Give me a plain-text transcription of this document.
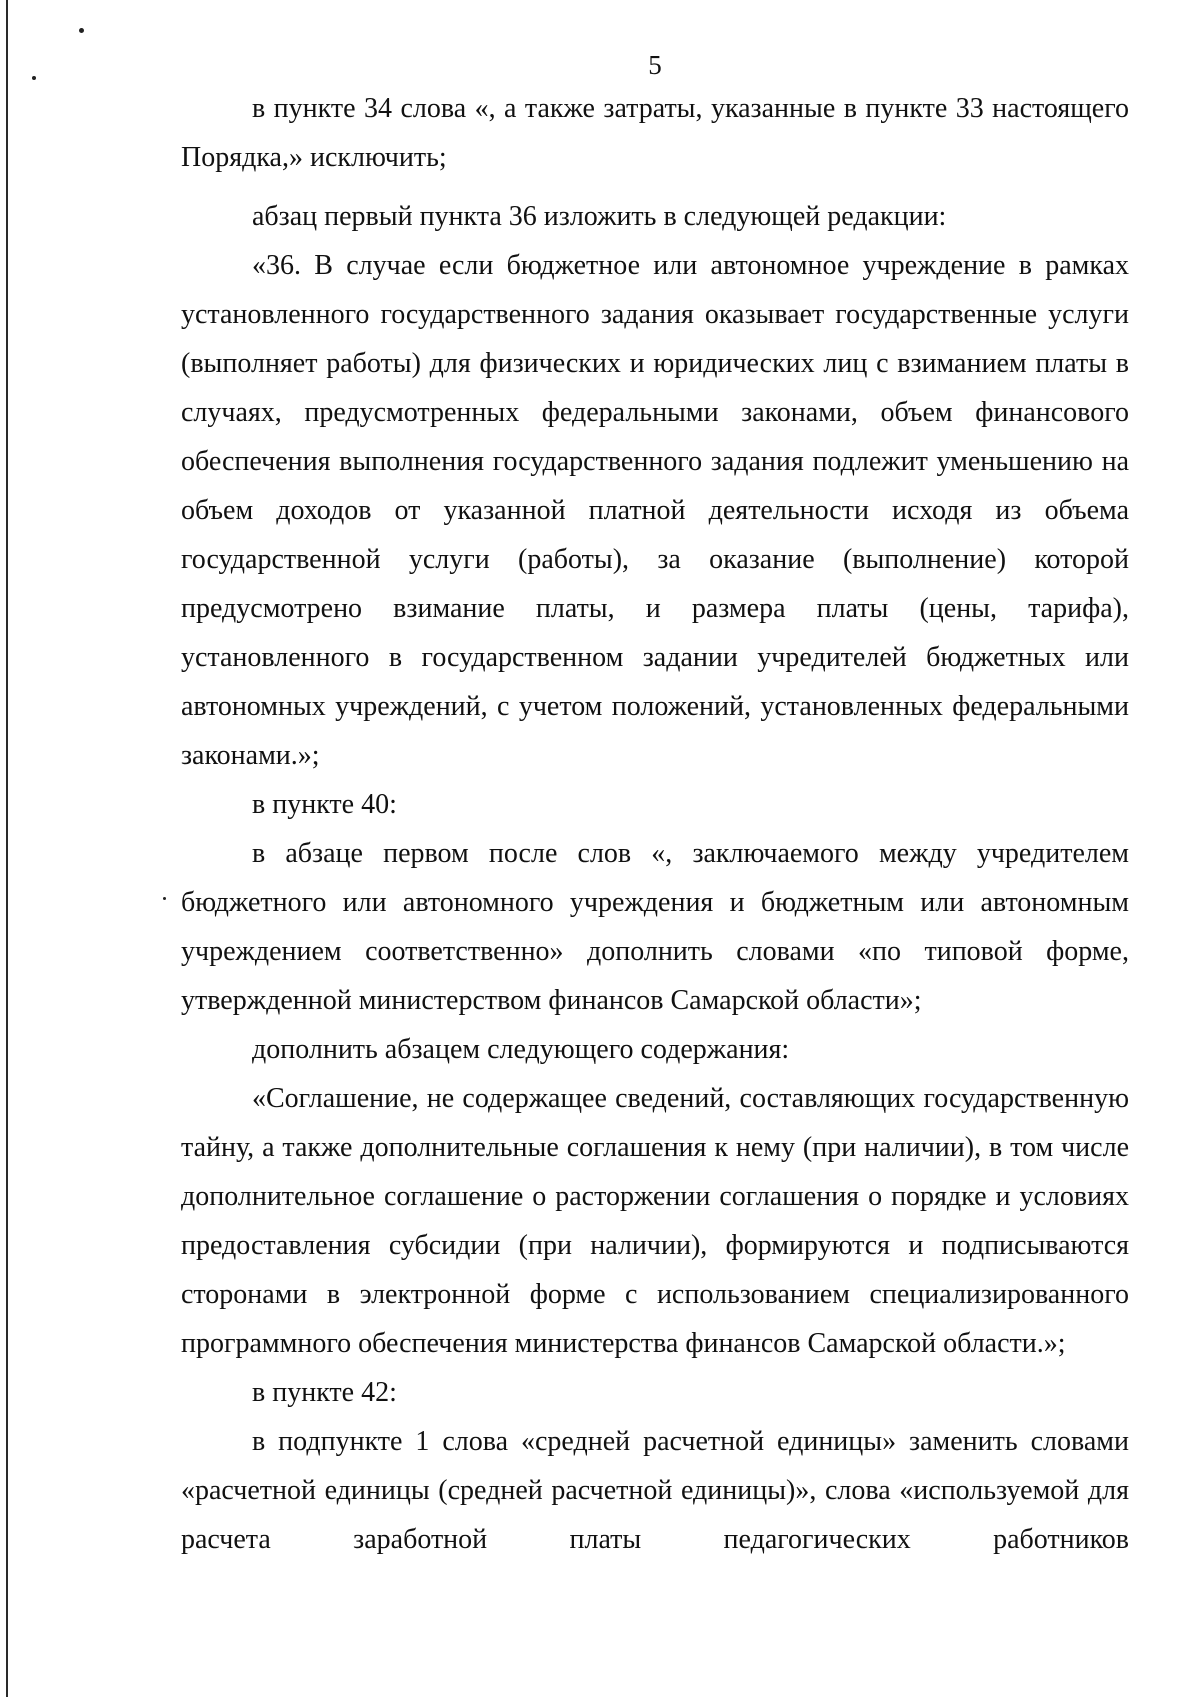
5

в пункте 34 слова «, а также затраты, указанные в пункте 33 настоящего Порядка,» исключить;

абзац первый пункта 36 изложить в следующей редакции:

«36. В случае если бюджетное или автономное учреждение в рамках установленного государственного задания оказывает государственные услуги (выполняет работы) для физических и юридических лиц с взиманием платы в случаях, предусмотренных федеральными законами, объем финансового обеспечения выполнения государственного задания подлежит уменьшению на объем доходов от указанной платной деятельности исходя из объема государственной услуги (работы), за оказание (выполнение) которой предусмотрено взимание платы, и размера платы (цены, тарифа), установленного в государственном задании учредителей бюджетных или автономных учреждений, с учетом положений, установленных федеральными законами.»;

в пункте 40:

в абзаце первом после слов «, заключаемого между учредителем бюджетного или автономного учреждения и бюджетным или автономным учреждением соответственно» дополнить словами «по типовой форме, утвержденной министерством финансов Самарской области»;

дополнить абзацем следующего содержания:

«Соглашение, не содержащее сведений, составляющих государственную тайну, а также дополнительные соглашения к нему (при наличии), в том числе дополнительное соглашение о расторжении соглашения о порядке и условиях предоставления субсидии (при наличии), формируются и подписываются сторонами в электронной форме с использованием специализированного программного обеспечения министерства финансов Самарской области.»;

в пункте 42:

в подпункте 1 слова «средней расчетной единицы» заменить словами «расчетной единицы (средней расчетной единицы)», слова «используемой для расчета заработной платы педагогических работников
